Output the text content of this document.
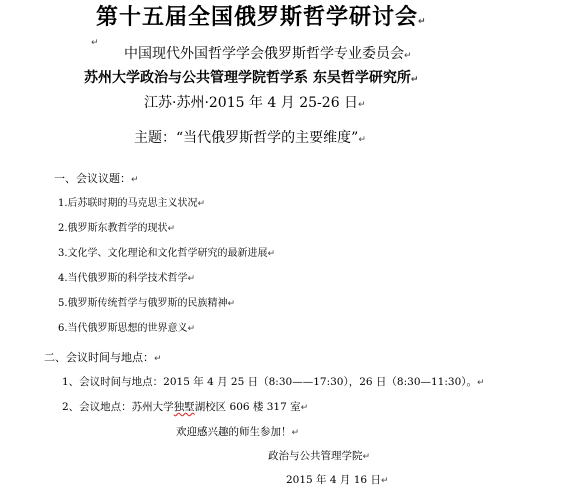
第十五届全国俄罗斯哲学研讨会 ↵
↵
中国现代外国哲学学会俄罗斯哲学专业委员会 ↵
苏州大学政治与公共管理学院哲学系 东吴哲学研究所 ↵
江苏·苏州·2015 年 4 月 25-26 日 ↵
主题：“当代俄罗斯哲学的主要维度” ↵
一、会议议题： ↵
1.后苏联时期的马克思主义状况 ↵
2.俄罗斯东教哲学的现状 ↵
3.文化学、文化理论和文化哲学研究的最新进展 ↵
4.当代俄罗斯的科学技术哲学 ↵
5.俄罗斯传统哲学与俄罗斯的民族精神 ↵
6.当代俄罗斯思想的世界意义 ↵
二、会议时间与地点： ↵
1、会议时间与地点：2015 年 4 月 25 日（8:30——17:30），26 日（8:30—11:30）。 ↵
2、会议地点：苏州大学独墅湖校区 606 楼 317 室 ↵
欢迎感兴趣的师生参加！ ↵
政治与公共管理学院 ↵
2015 年 4 月 16 日 ↵
